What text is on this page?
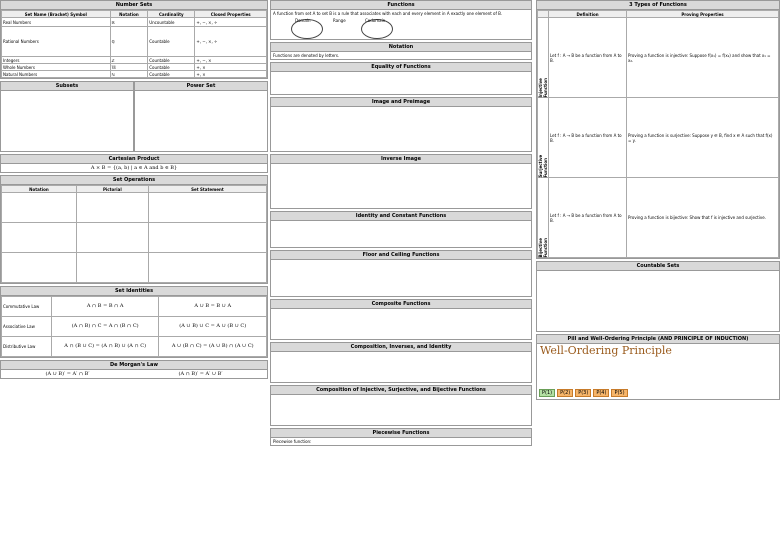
Number Sets
Set Name (Bracket) Symbol	Notation	Cardinality	Closed Properties
Real Numbers	ℝ	Uncountable	+, −, ×, ÷
Rational Numbers	ℚ	Countable	+, −, ×, ÷
Integers	ℤ	Countable	+, −, ×
Whole Numbers	𝕎	Countable	+, ×
Natural Numbers	ℕ	Countable	+, ×
Subsets	Power Set
Cartesian Product
A × B = {(a, b) | a ∈ A and b ∈ B}
Set Operations
Notation	Pictorial	Set Statement

Set Identities
Commutative Law	A ∩ B = B ∩ A	A ∪ B = B ∪ A
Associative Law	(A ∩ B) ∩ C = A ∩ (B ∩ C)	(A ∪ B) ∪ C = A ∪ (B ∪ C)
Distributive Law	A ∩ (B ∪ C) = (A ∩ B) ∪ (A ∩ C)	A ∪ (B ∩ C) = (A ∪ B) ∩ (A ∪ C)
De Morgan's Law
(A ∪ B)′ = A′ ∩ B′	(A ∩ B)′ = A′ ∪ B′
Functions
A function from set A to set B is a rule that associates with each and every element in A exactly one element of B.
Domain	Range	Codomain
Notation
Functions are denoted by letters.
Equality of Functions
Image and Preimage
Inverse Image
Identity and Constant Functions
Floor and Ceiling Functions
Composite Functions
Composition, Inverses, and Identity
Composition of Injective, Surjective, and Bijective Functions
Piecewise Functions
Piecewise function:
3 Types of Functions
	Definition	Proving Properties

Injective Function	Let f : A → B be a function from A to B.	Proving a function is injective: Suppose f(x₁) = f(x₂) and show that x₁ = x₂.

Surjective Function	Let f : A → B be a function from A to B.	Proving a function is surjective: Suppose y ∈ B, find x ∈ A such that f(x) = y.

Bijective Function	Let f : A → B be a function from A to B.	Proving a function is bijective: Show that f is injective and surjective.
Countable Sets
Pill and Well-Ordering Principle (AND PRINCIPLE OF INDUCTION)
Well-Ordering Principle
P(1)	P(2)	P(3)	P(4)	P(5)
